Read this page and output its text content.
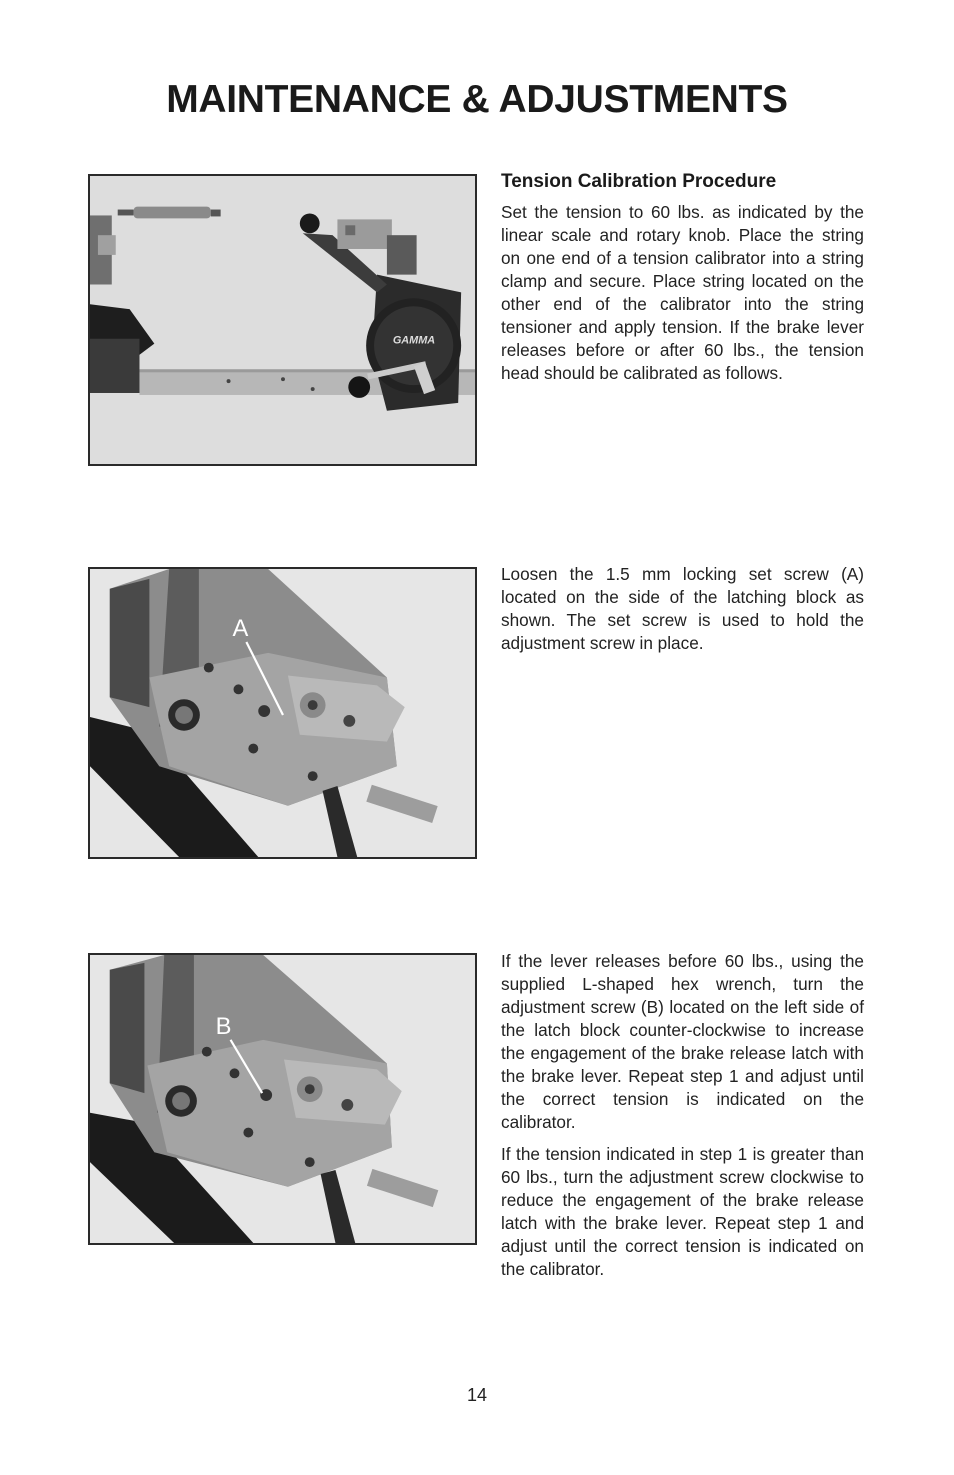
MAINTENANCE & ADJUSTMENTS
GAMMA
Tension Calibration Procedure

Set the tension to 60 lbs. as indicated by the linear scale and rotary knob. Place the string on one end of a tension calibrator into a string clamp and secure. Place string located on the other end of the calibrator into the string tensioner and apply tension. If the brake lever releases before or after 60 lbs., the tension head should be calibrated as follows.

A

Loosen the 1.5 mm locking set screw (A) located on the side of the latching block as shown. The set screw is used to hold the adjustment screw in place.

B

If the lever releases before 60 lbs., using the supplied L-shaped hex wrench, turn the adjustment screw (B) located on the left side of the latch block counter-clockwise to increase the engagement of the brake release latch with the brake lever. Repeat step 1 and adjust until the correct tension is indicated on the calibrator.

If the tension indicated in step 1 is greater than 60 lbs., turn the adjustment screw clockwise to reduce the engagement of the brake release latch with the brake lever. Repeat step 1 and adjust until the correct tension is indicated on the calibrator.

14
